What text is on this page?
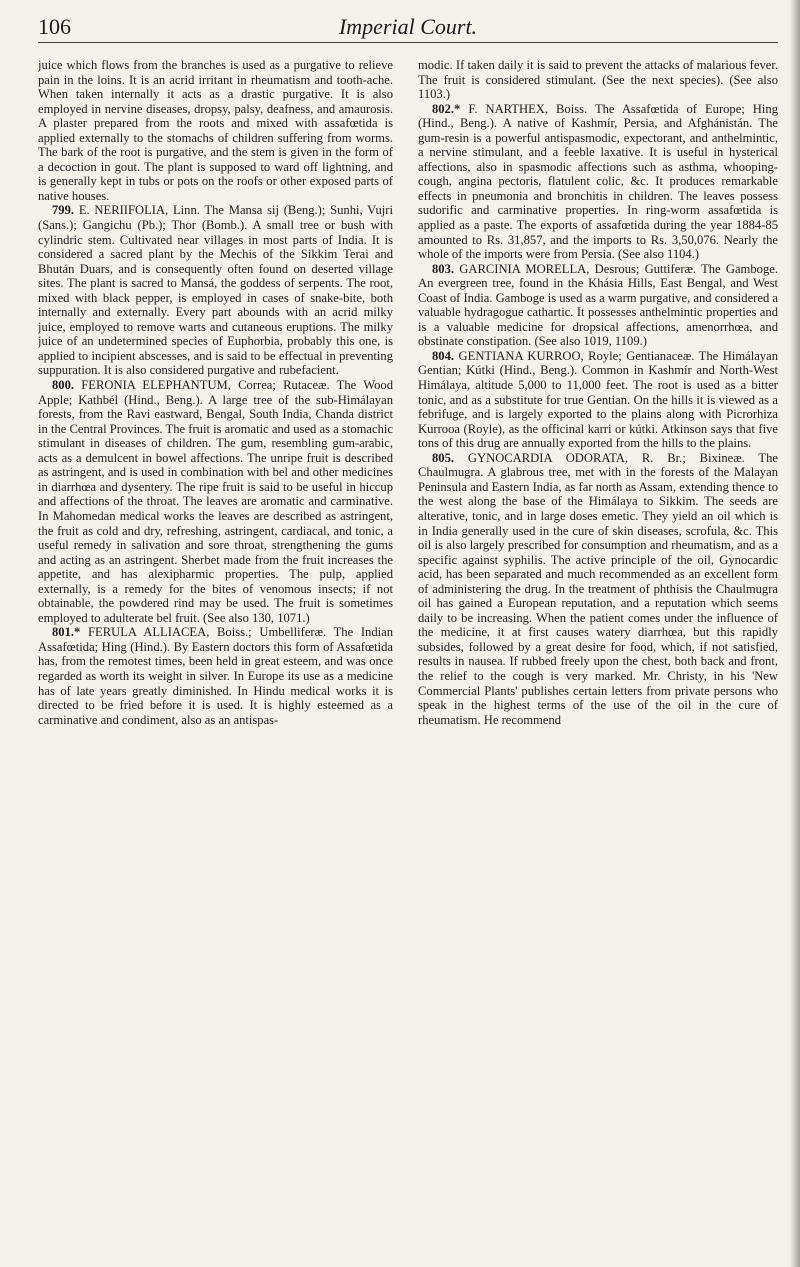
106	Imperial Court.

juice which flows from the branches is used as a purgative to relieve pain in the loins. It is an acrid irritant in rheumatism and tooth-ache. When taken internally it acts as a drastic purgative. It is also employed in nervine diseases, dropsy, palsy, deafness, and amaurosis. A plaster prepared from the roots and mixed with assafœtida is applied externally to the stomachs of children suffering from worms. The bark of the root is purgative, and the stem is given in the form of a decoction in gout. The plant is supposed to ward off lightning, and is generally kept in tubs or pots on the roofs or other exposed parts of native houses.

799. E. NERIIFOLIA, Linn. The Mansa sij (Beng.); Sunhi, Vujri (Sans.); Gangichu (Pb.); Thor (Bomb.). A small tree or bush with cylindric stem. Cultivated near villages in most parts of India. It is considered a sacred plant by the Mechis of the Sikkim Terai and Bhután Duars, and is consequently often found on deserted village sites. The plant is sacred to Mansá, the goddess of serpents. The root, mixed with black pepper, is employed in cases of snake-bite, both internally and externally. Every part abounds with an acrid milky juice, employed to remove warts and cutaneous eruptions. The milky juice of an undetermined species of Euphorbia, probably this one, is applied to incipient abscesses, and is said to be effectual in preventing suppuration. It is also considered purgative and rubefacient.

800. FERONIA ELEPHANTUM, Correa; Rutaceæ. The Wood Apple; Kathbél (Hind., Beng.). A large tree of the sub-Himálayan forests, from the Ravi eastward, Bengal, South India, Chanda district in the Central Provinces. The fruit is aromatic and used as a stomachic stimulant in diseases of children. The gum, resembling gum-arabic, acts as a demulcent in bowel affections. The unripe fruit is described as astringent, and is used in combination with bel and other medicines in diarrhœa and dysentery. The ripe fruit is said to be useful in hiccup and affections of the throat. The leaves are aromatic and carminative. In Mahomedan medical works the leaves are described as astringent, the fruit as cold and dry, refreshing, astringent, cardiacal, and tonic, a useful remedy in salivation and sore throat, strengthening the gums and acting as an astringent. Sherbet made from the fruit increases the appetite, and has alexipharmic properties. The pulp, applied externally, is a remedy for the bites of venomous insects; if not obtainable, the powdered rind may be used. The fruit is sometimes employed to adulterate bel fruit. (See also 130, 1071.)

801.* FERULA ALLIACEA, Boiss.; Umbelliferæ. The Indian Assafœtida; Hing (Hind.). By Eastern doctors this form of Assafœtida has, from the remotest times, been held in great esteem, and was once regarded as worth its weight in silver. In Europe its use as a medicine has of late years greatly diminished. In Hindu medical works it is directed to be fried before it is used. It is highly esteemed as a carminative and condiment, also as an antispas-

modic. If taken daily it is said to prevent the attacks of malarious fever. The fruit is considered stimulant. (See the next species). (See also 1103.)

802.* F. NARTHEX, Boiss. The Assafœtida of Europe; Hing (Hind., Beng.). A native of Kashmír, Persia, and Afghánistán. The gum-resin is a powerful antispasmodic, expectorant, and anthelmintic, a nervine stimulant, and a feeble laxative. It is useful in hysterical affections, also in spasmodic affections such as asthma, whooping-cough, angina pectoris, flatulent colic, &c. It produces remarkable effects in pneumonia and bronchitis in children. The leaves possess sudorific and carminative properties. In ring-worm assafœtida is applied as a paste. The exports of assafœtida during the year 1884-85 amounted to Rs. 31,857, and the imports to Rs. 3,50,076. Nearly the whole of the imports were from Persia. (See also 1104.)

803. GARCINIA MORELLA, Desrous; Guttiferæ. The Gamboge. An evergreen tree, found in the Khásia Hills, East Bengal, and West Coast of India. Gamboge is used as a warm purgative, and considered a valuable hydragogue cathartic. It possesses anthelmintic properties and is a valuable medicine for dropsical affections, amenorrhœa, and obstinate constipation. (See also 1019, 1109.)

804. GENTIANA KURROO, Royle; Gentianaceæ. The Himálayan Gentian; Kútki (Hind., Beng.). Common in Kashmír and North-West Himálaya, altitude 5,000 to 11,000 feet. The root is used as a bitter tonic, and as a substitute for true Gentian. On the hills it is viewed as a febrifuge, and is largely exported to the plains along with Picrorhiza Kurrooa (Royle), as the officinal karri or kútki. Atkinson says that five tons of this drug are annually exported from the hills to the plains.

805. GYNOCARDIA ODORATA, R. Br.; Bixineæ. The Chaulmugra. A glabrous tree, met with in the forests of the Malayan Peninsula and Eastern India, as far north as Assam, extending thence to the west along the base of the Himálaya to Sikkim. The seeds are alterative, tonic, and in large doses emetic. They yield an oil which is in India generally used in the cure of skin diseases, scrofula, &c. This oil is also largely prescribed for consumption and rheumatism, and as a specific against syphilis. The active principle of the oil, Gynocardic acid, has been separated and much recommended as an excellent form of administering the drug. In the treatment of phthisis the Chaulmugra oil has gained a European reputation, and a reputation which seems daily to be increasing. When the patient comes under the influence of the medicine, it at first causes watery diarrhœa, but this rapidly subsides, followed by a great desire for food, which, if not satisfied, results in nausea. If rubbed freely upon the chest, both back and front, the relief to the cough is very marked. Mr. Christy, in his 'New Commercial Plants' publishes certain letters from private persons who speak in the highest terms of the use of the oil in the cure of rheumatism. He recommend
